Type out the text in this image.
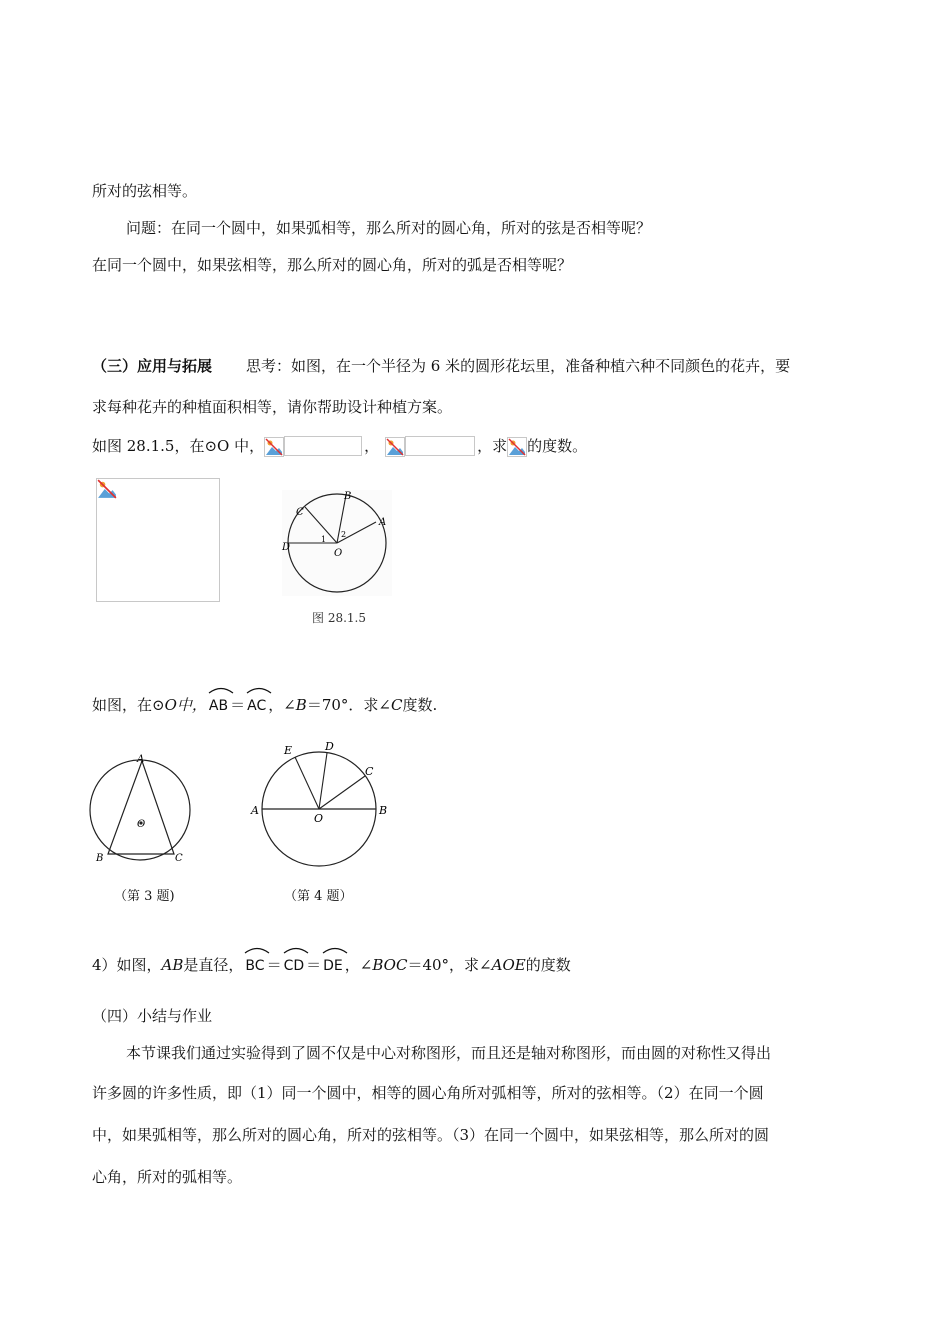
所对的弦相等。
问题：在同一个圆中，如果弧相等，那么所对的圆心角，所对的弦是否相等呢？
在同一个圆中，如果弦相等，那么所对的圆心角，所对的弧是否相等呢？
（三）应用与拓展 思考：如图，在一个半径为 6 米的圆形花坛里，准备种植六种不同颜色的花卉，要
求每种花卉的种植面积相等，请你帮助设计种植方案。
如图 28.1.5，在⊙O 中，	，	，求 的度数。
B
C
A
D
O
1
2
图 28.1.5
如图，在⊙O中， AB ＝ AC ，∠B＝70°．求∠C度数.
A
B	C
O
（第 3 题)
E	D
C
A	B
O
（第 4 题）
4）如图，AB是直径， BC ＝ CD ＝ DE ，∠BOC＝40°，求∠AOE的度数
（四）小结与作业
本节课我们通过实验得到了圆不仅是中心对称图形，而且还是轴对称图形，而由圆的对称性又得出
许多圆的许多性质，即（1）同一个圆中，相等的圆心角所对弧相等，所对的弦相等。（2）在同一个圆
中，如果弧相等，那么所对的圆心角，所对的弦相等。（3）在同一个圆中，如果弦相等，那么所对的圆
心角，所对的弧相等。
